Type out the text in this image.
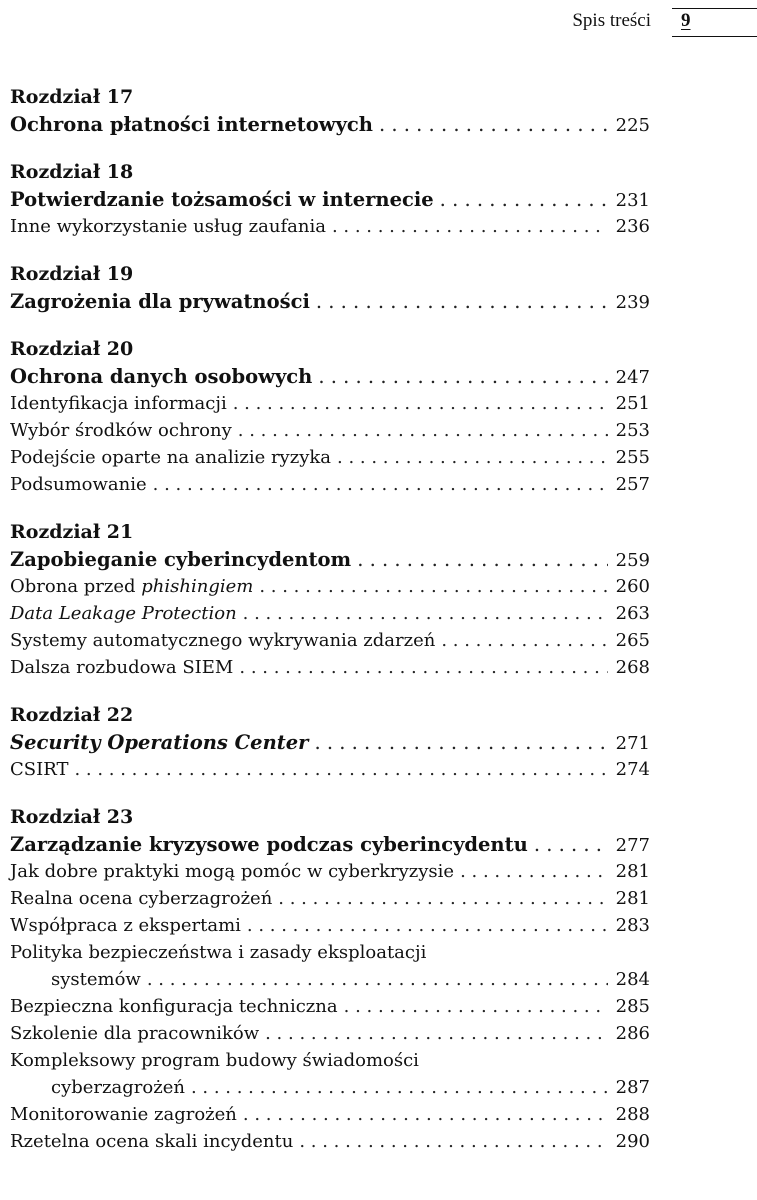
Spis treści 9
Rozdział 17
Ochrona płatności internetowych . . .	225
Rozdział 18
Potwierdzanie tożsamości w internecie . . .	231
Inne wykorzystanie usług zaufania . . .	236
Rozdział 19
Zagrożenia dla prywatności . . .	239
Rozdział 20
Ochrona danych osobowych . . .	247
Identyfikacja informacji . . .	251
Wybór środków ochrony . . .	253
Podejście oparte na analizie ryzyka . . .	255
Podsumowanie . . .	257
Rozdział 21
Zapobieganie cyberincydentom . . .	259
Obrona przed phishingiem . . .	260
Data Leakage Protection . . .	263
Systemy automatycznego wykrywania zdarzeń . . .	265
Dalsza rozbudowa SIEM . . .	268
Rozdział 22
Security Operations Center . . .	271
CSIRT . . .	274
Rozdział 23
Zarządzanie kryzysowe podczas cyberincydentu . . .	277
Jak dobre praktyki mogą pomóc w cyberkryzysie . . .	281
Realna ocena cyberzagrożeń . . .	281
Współpraca z ekspertami . . .	283
Polityka bezpieczeństwa i zasady eksploatacji
systemów . . .	284
Bezpieczna konfiguracja techniczna . . .	285
Szkolenie dla pracowników . . .	286
Kompleksowy program budowy świadomości
cyberzagrożeń . . .	287
Monitorowanie zagrożeń . . .	288
Rzetelna ocena skali incydentu . . .	290
